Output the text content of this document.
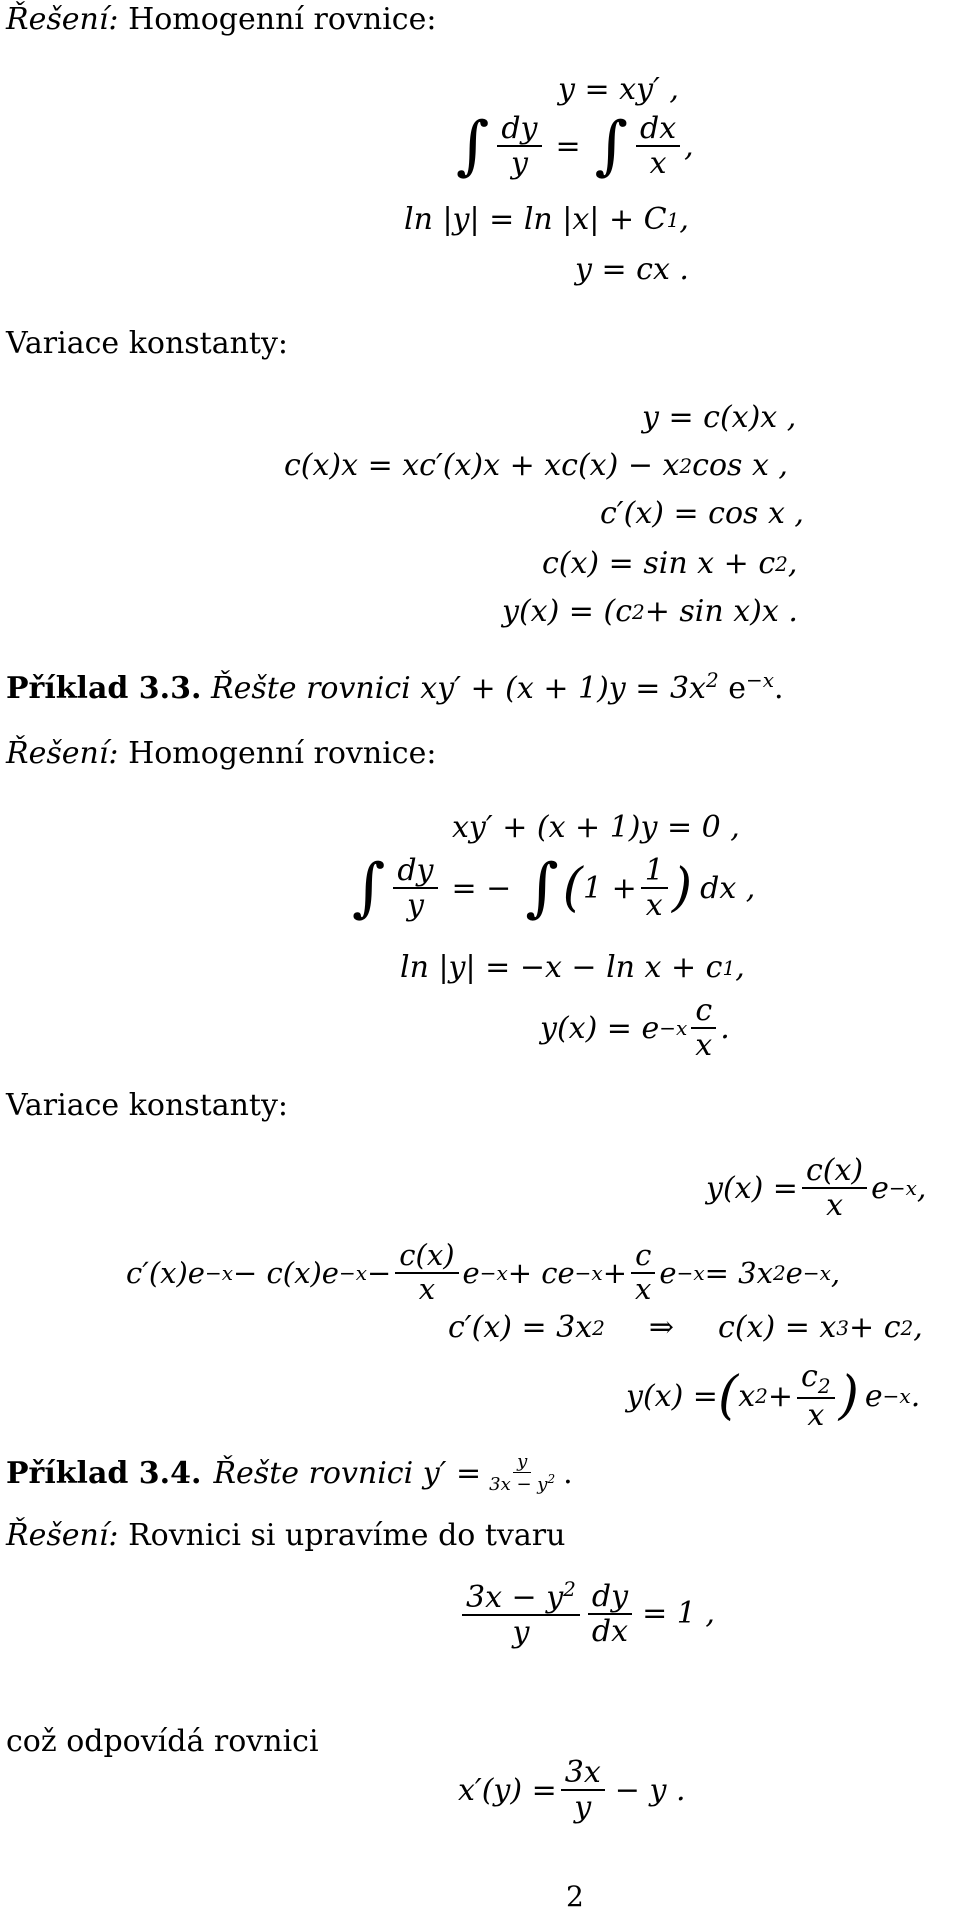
Řešení: Homogenní rovnice:
y = xy′ ,
∫ $\frac{dy}{y}$ = ∫ $\frac{dx}{x}$ ,
ln |y| = ln |x| + C 1 ,
y = cx .
Variace konstanty:
y = c(x)x ,
c(x)x = xc′(x)x + xc(x) − x 2 cos x ,
c′(x) = cos x ,
c(x) = sin x + c 2 ,
y(x) = (c 2 + sin x)x .
Příklad 3.3. Řešte rovnici $xy' + (x + 1)y = 3x^2$ $e^{-x}$.
Řešení: Homogenní rovnice:
xy′ + (x + 1)y = 0 ,
∫ $\frac{dy}{y}$ = − ∫ ( $1 + \frac{1}{x}$ ) dx ,
ln |y| = −x − ln x + c 1 ,
$y(x) = e -x \frac{c}{x}$ .
Variace konstanty:
$y(x) = \frac{c(x)}{x}$ e −x ,
$c'(x)e -x - c(x)e -x - \frac{c(x)}{x}$ e −x + ce $-x + \frac{c}{x}$ e −x = 3x 2 e −x ,
c′(x) = 3x 2 ⇒ c(x) = x 3 + c 2 ,
y(x) = ( x $2 + \frac{c_2}{x}$ ) e −x .
Příklad 3.4. Řešte rovnici $y' = \frac{y}{3x - y^2}$ .
Řešení: Rovnici si upravíme do tvaru
$\frac{3x - y^2}{y} \frac{dy}{dx} = 1$ ,
což odpovídá rovnici
$x'(y) = \frac{3x}{y} - y$ .
2
